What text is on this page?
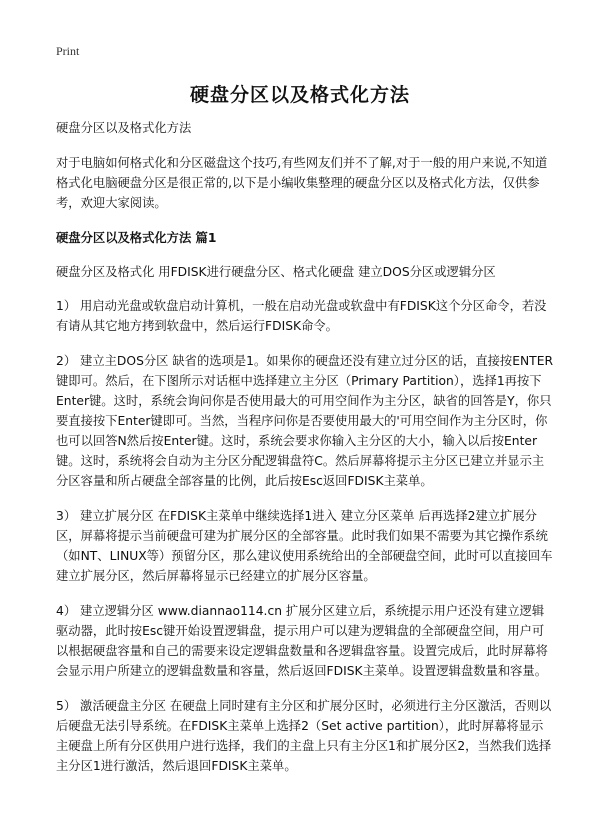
Print
硬盘分区以及格式化方法

硬盘分区以及格式化方法

对于电脑如何格式化和分区磁盘这个技巧,有些网友们并不了解,对于一般的用户来说,不知道格式化电脑硬盘分区是很正常的,以下是小编收集整理的硬盘分区以及格式化方法，仅供参考，欢迎大家阅读。

硬盘分区以及格式化方法 篇1

硬盘分区及格式化 用FDISK进行硬盘分区、格式化硬盘 建立DOS分区或逻辑分区

1） 用启动光盘或软盘启动计算机，一般在启动光盘或软盘中有FDISK这个分区命令，若没有请从其它地方拷到软盘中，然后运行FDISK命令。

2） 建立主DOS分区 缺省的选项是1。如果你的硬盘还没有建立过分区的话，直接按ENTER键即可。然后，在下图所示对话框中选择建立主分区（Primary Partition），选择1再按下Enter键。这时，系统会询问你是否使用最大的可用空间作为主分区，缺省的回答是Y，你只要直接按下Enter键即可。当然，当程序问你是否要使用最大的'可用空间作为主分区时，你也可以回答N然后按Enter键。这时，系统会要求你输入主分区的大小，输入以后按Enter键。这时，系统将会自动为主分区分配逻辑盘符C。然后屏幕将提示主分区已建立并显示主分区容量和所占硬盘全部容量的比例，此后按Esc返回FDISK主菜单。

3） 建立扩展分区 在FDISK主菜单中继续选择1进入 建立分区菜单 后再选择2建立扩展分区，屏幕将提示当前硬盘可建为扩展分区的全部容量。此时我们如果不需要为其它操作系统（如NT、LINUX等）预留分区，那么建议使用系统给出的全部硬盘空间，此时可以直接回车建立扩展分区，然后屏幕将显示已经建立的扩展分区容量。

4） 建立逻辑分区 www.diannao114.cn 扩展分区建立后，系统提示用户还没有建立逻辑驱动器，此时按Esc键开始设置逻辑盘，提示用户可以建为逻辑盘的全部硬盘空间，用户可以根据硬盘容量和自己的需要来设定逻辑盘数量和各逻辑盘容量。设置完成后，此时屏幕将会显示用户所建立的逻辑盘数量和容量，然后返回FDISK主菜单。设置逻辑盘数量和容量。

5） 激活硬盘主分区 在硬盘上同时建有主分区和扩展分区时，必须进行主分区激活，否则以后硬盘无法引导系统。在FDISK主菜单上选择2（Set active partition），此时屏幕将显示主硬盘上所有分区供用户进行选择，我们的主盘上只有主分区1和扩展分区2，当然我们选择主分区1进行激活，然后退回FDISK主菜单。
